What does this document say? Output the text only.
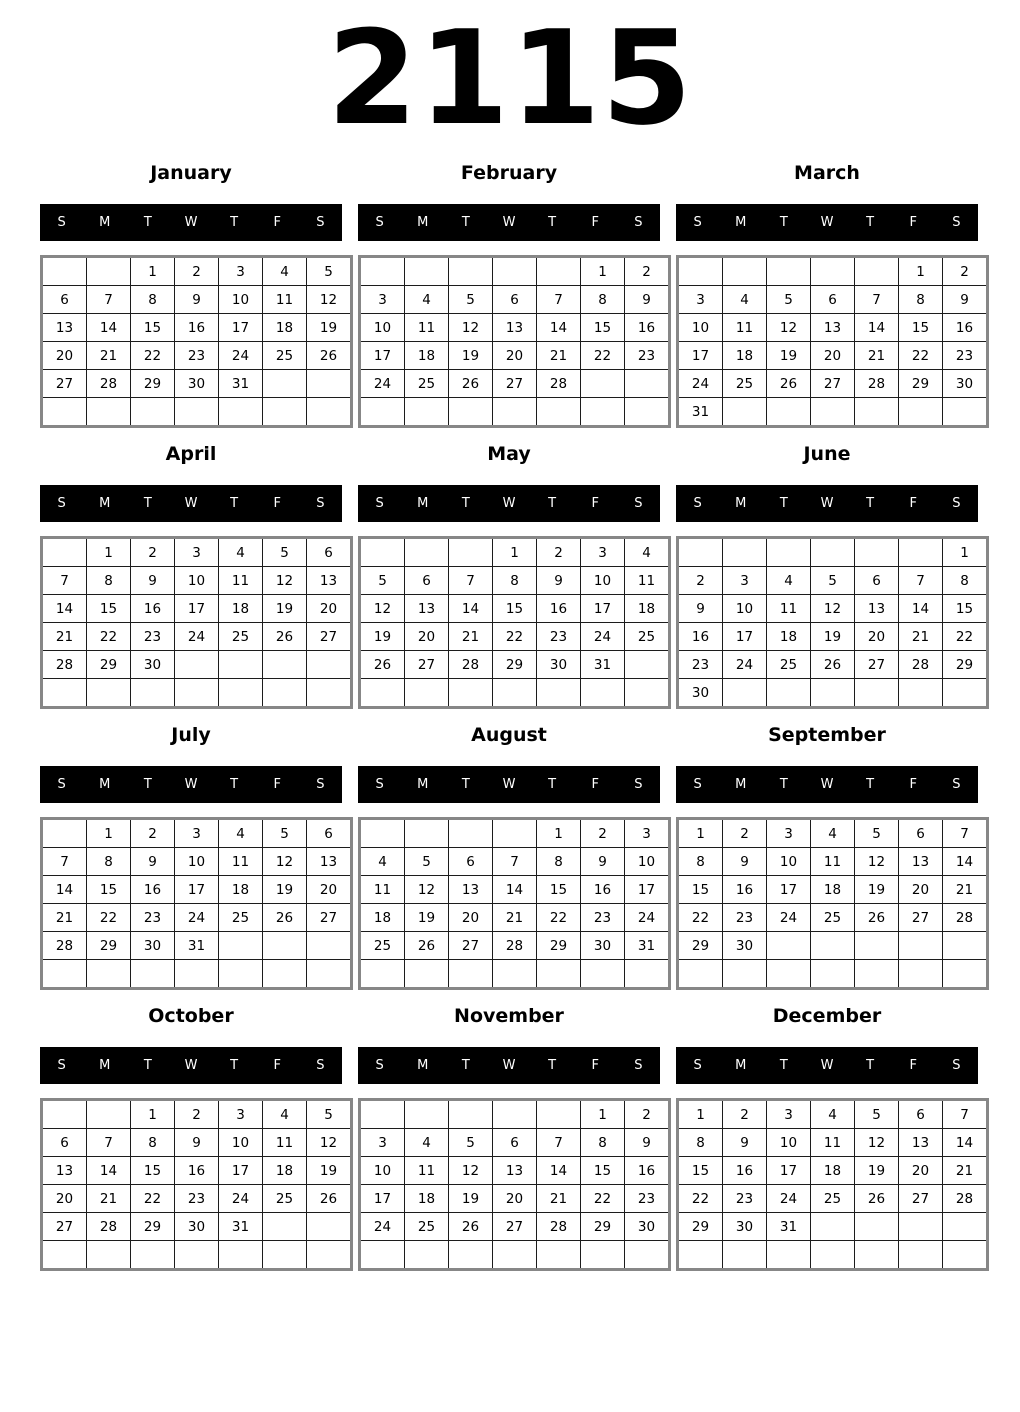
2115
January
S	M	T	W	T	F	S
		1	2	3	4	5
6	7	8	9	10	11	12
13	14	15	16	17	18	19
20	21	22	23	24	25	26
27	28	29	30	31		

February
S	M	T	W	T	F	S
					1	2
3	4	5	6	7	8	9
10	11	12	13	14	15	16
17	18	19	20	21	22	23
24	25	26	27	28		

March
S	M	T	W	T	F	S
					1	2
3	4	5	6	7	8	9
10	11	12	13	14	15	16
17	18	19	20	21	22	23
24	25	26	27	28	29	30
31						
April
S	M	T	W	T	F	S
	1	2	3	4	5	6
7	8	9	10	11	12	13
14	15	16	17	18	19	20
21	22	23	24	25	26	27
28	29	30				

May
S	M	T	W	T	F	S
			1	2	3	4
5	6	7	8	9	10	11
12	13	14	15	16	17	18
19	20	21	22	23	24	25
26	27	28	29	30	31	

June
S	M	T	W	T	F	S
						1
2	3	4	5	6	7	8
9	10	11	12	13	14	15
16	17	18	19	20	21	22
23	24	25	26	27	28	29
30						
July
S	M	T	W	T	F	S
	1	2	3	4	5	6
7	8	9	10	11	12	13
14	15	16	17	18	19	20
21	22	23	24	25	26	27
28	29	30	31			

August
S	M	T	W	T	F	S
				1	2	3
4	5	6	7	8	9	10
11	12	13	14	15	16	17
18	19	20	21	22	23	24
25	26	27	28	29	30	31

September
S	M	T	W	T	F	S
1	2	3	4	5	6	7
8	9	10	11	12	13	14
15	16	17	18	19	20	21
22	23	24	25	26	27	28
29	30					

October
S	M	T	W	T	F	S
		1	2	3	4	5
6	7	8	9	10	11	12
13	14	15	16	17	18	19
20	21	22	23	24	25	26
27	28	29	30	31		

November
S	M	T	W	T	F	S
					1	2
3	4	5	6	7	8	9
10	11	12	13	14	15	16
17	18	19	20	21	22	23
24	25	26	27	28	29	30

December
S	M	T	W	T	F	S
1	2	3	4	5	6	7
8	9	10	11	12	13	14
15	16	17	18	19	20	21
22	23	24	25	26	27	28
29	30	31				
